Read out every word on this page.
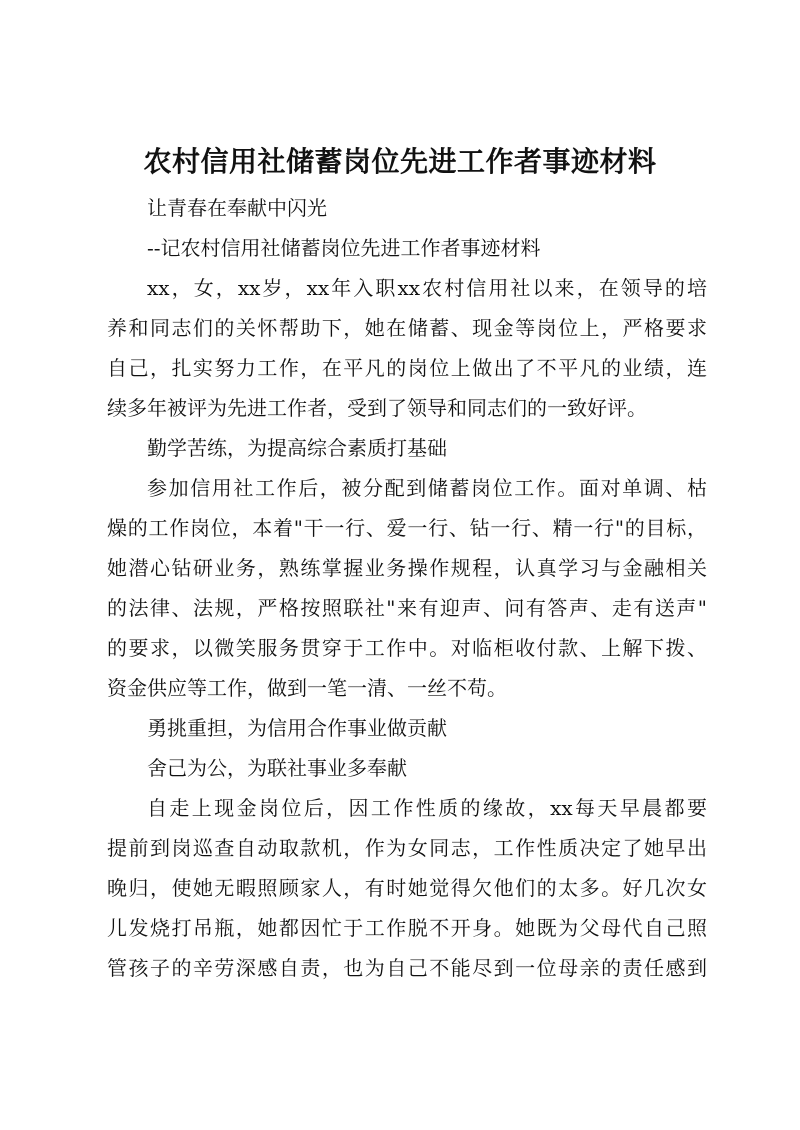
农村信用社储蓄岗位先进工作者事迹材料
让青春在奉献中闪光
--记农村信用社储蓄岗位先进工作者事迹材料
xx，女，xx岁，xx年入职xx农村信用社以来，在领导的培
养和同志们的关怀帮助下，她在储蓄、现金等岗位上，严格要求
自己，扎实努力工作，在平凡的岗位上做出了不平凡的业绩，连
续多年被评为先进工作者，受到了领导和同志们的一致好评。
勤学苦练，为提高综合素质打基础
参加信用社工作后，被分配到储蓄岗位工作。面对单调、枯
燥的工作岗位，本着"干一行、爱一行、钻一行、精一行"的目标，
她潜心钻研业务，熟练掌握业务操作规程，认真学习与金融相关
的法律、法规，严格按照联社"来有迎声、问有答声、走有送声"
的要求，以微笑服务贯穿于工作中。对临柜收付款、上解下拨、
资金供应等工作，做到一笔一清、一丝不苟。
勇挑重担，为信用合作事业做贡献
舍己为公，为联社事业多奉献
自走上现金岗位后，因工作性质的缘故，xx每天早晨都要
提前到岗巡查自动取款机，作为女同志，工作性质决定了她早出
晚归，使她无暇照顾家人，有时她觉得欠他们的太多。好几次女
儿发烧打吊瓶，她都因忙于工作脱不开身。她既为父母代自己照
管孩子的辛劳深感自责，也为自己不能尽到一位母亲的责任感到
